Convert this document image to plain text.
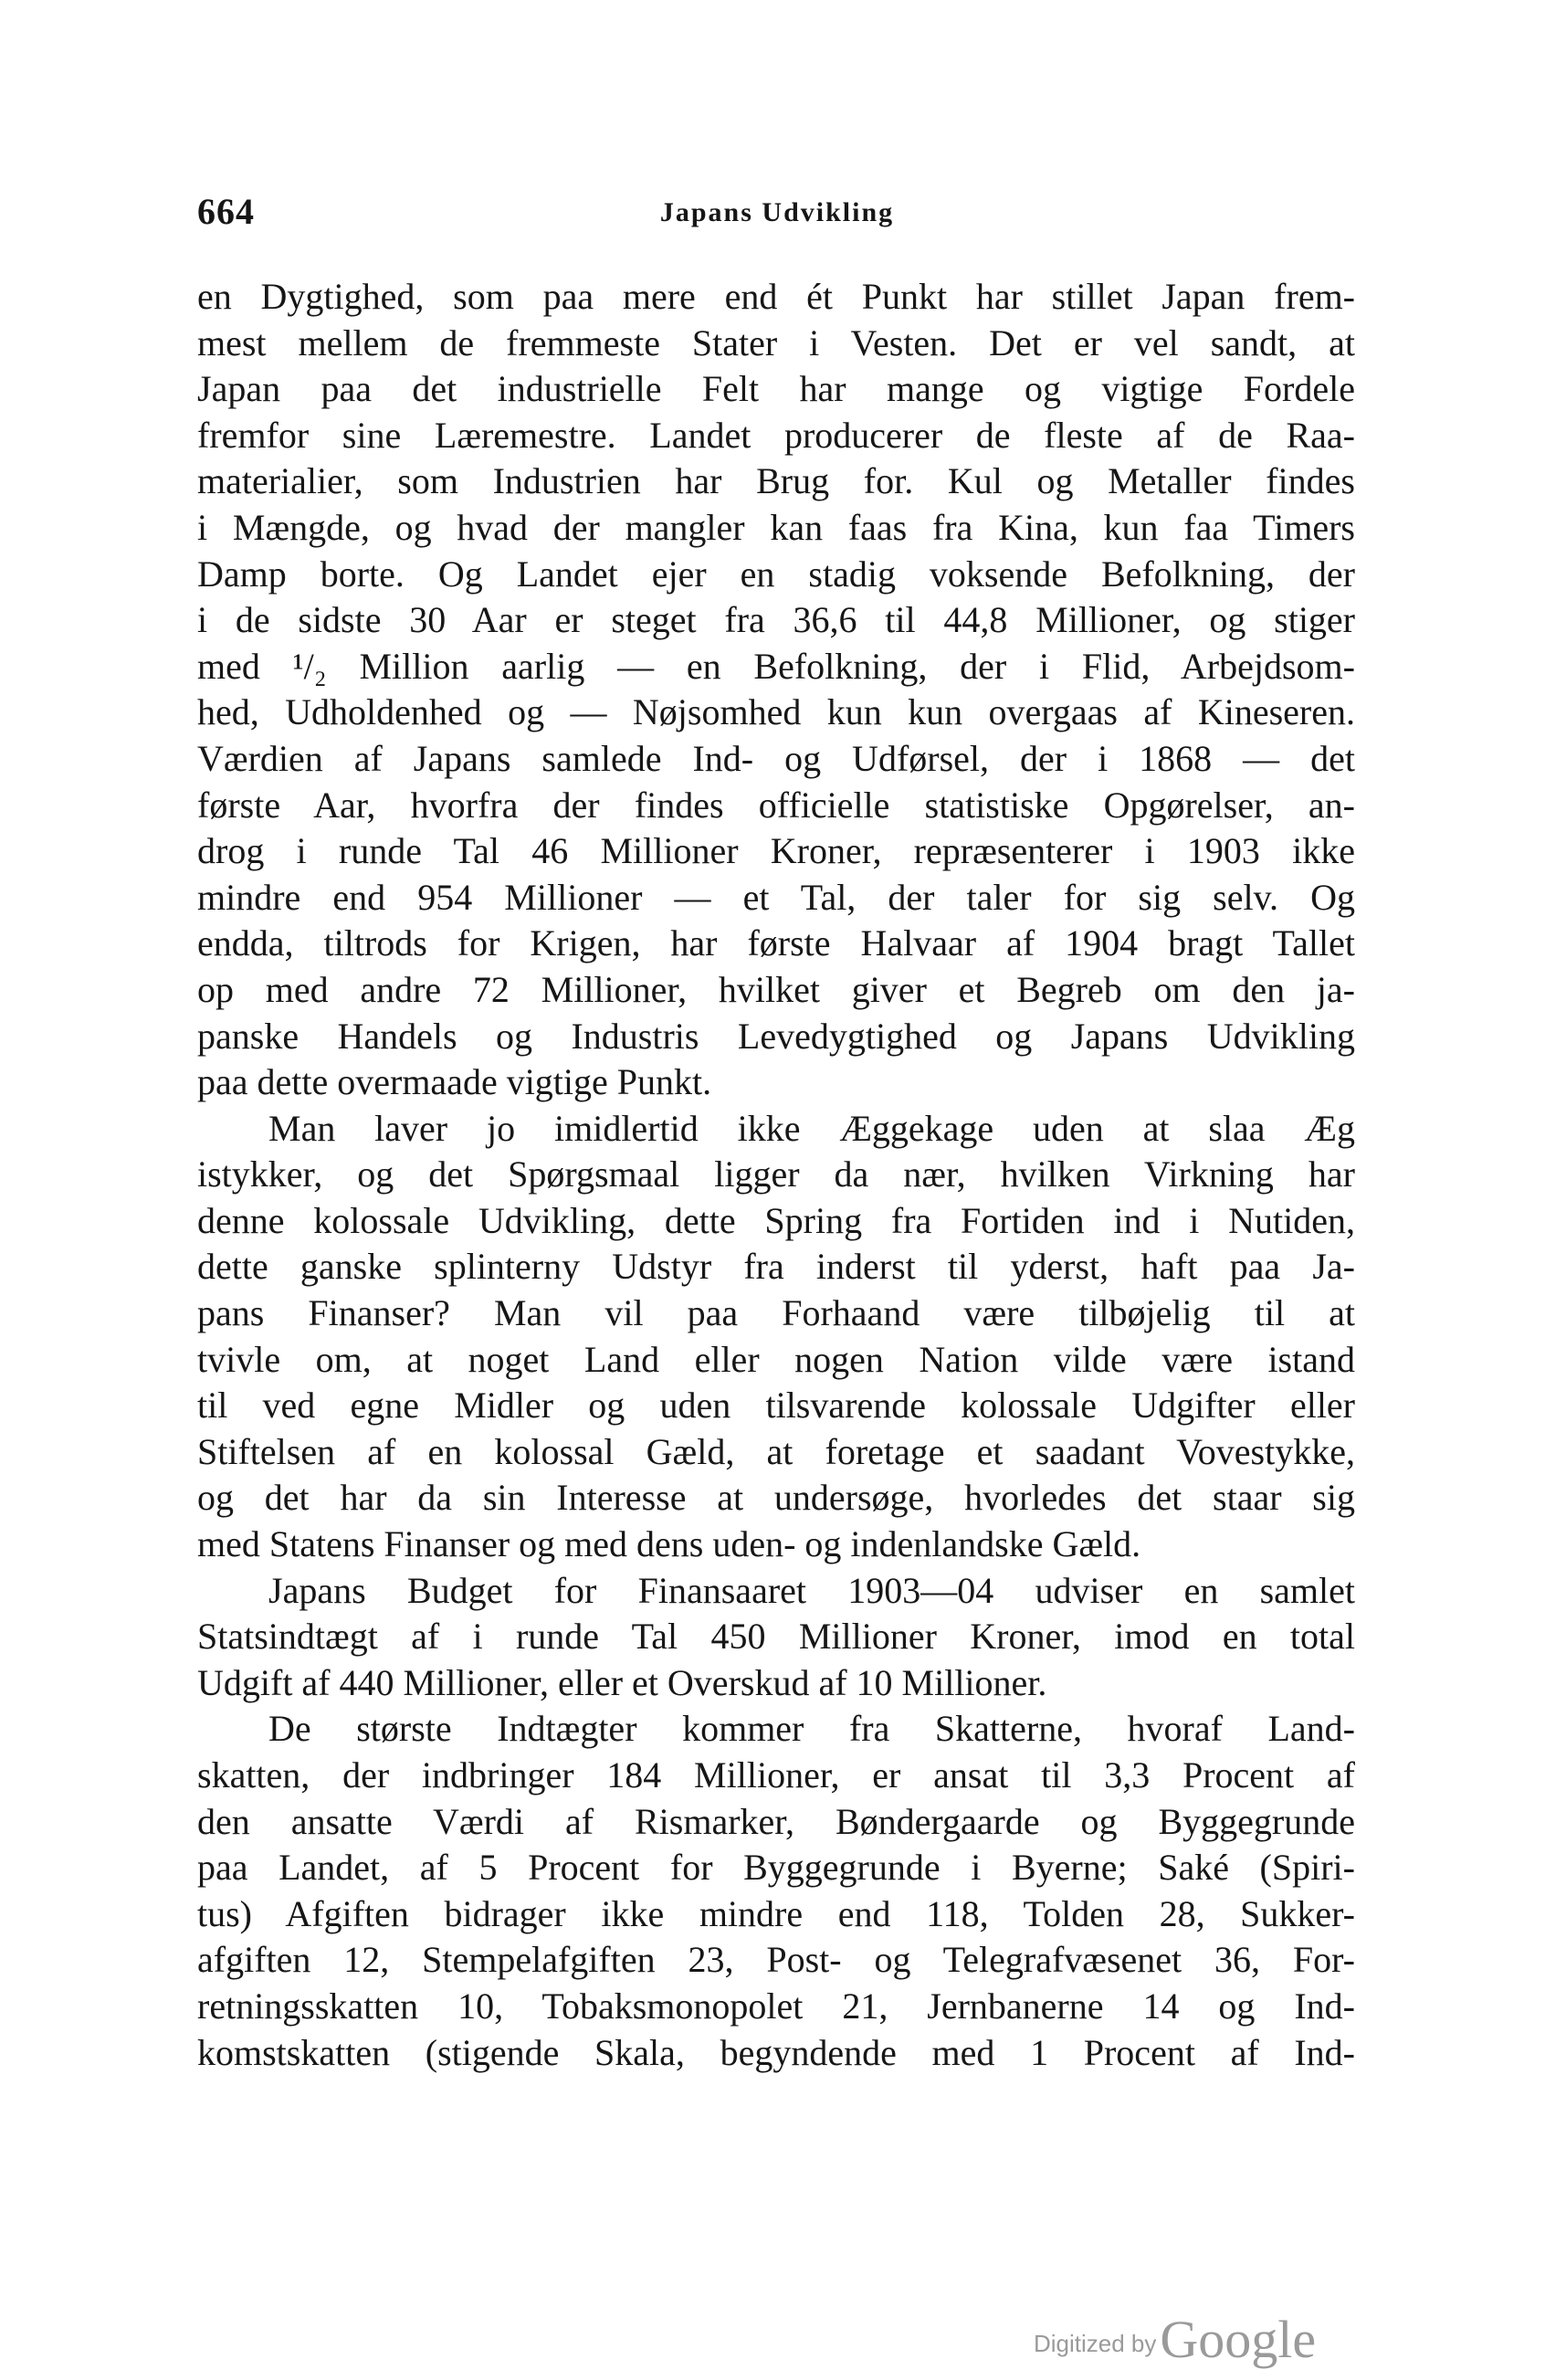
664	Japans Udvikling
en Dygtighed, som paa mere end ét Punkt har stillet Japan frem-
mest mellem de fremmeste Stater i Vesten. Det er vel sandt, at
Japan paa det industrielle Felt har mange og vigtige Fordele
fremfor sine Læremestre. Landet producerer de fleste af de Raa-
materialier, som Industrien har Brug for. Kul og Metaller findes
i Mængde, og hvad der mangler kan faas fra Kina, kun faa Timers
Damp borte. Og Landet ejer en stadig voksende Befolkning, der
i de sidste 30 Aar er steget fra 36,6 til 44,8 Millioner, og stiger
med ¹/₂ Million aarlig — en Befolkning, der i Flid, Arbejdsom-
hed, Udholdenhed og — Nøjsomhed kun kun overgaas af Kineseren.
Værdien af Japans samlede Ind- og Udførsel, der i 1868 — det
første Aar, hvorfra der findes officielle statistiske Opgørelser, an-
drog i runde Tal 46 Millioner Kroner, repræsenterer i 1903 ikke
mindre end 954 Millioner — et Tal, der taler for sig selv. Og
endda, tiltrods for Krigen, har første Halvaar af 1904 bragt Tallet
op med andre 72 Millioner, hvilket giver et Begreb om den ja-
panske Handels og Industris Levedygtighed og Japans Udvikling
paa dette overmaade vigtige Punkt.
Man laver jo imidlertid ikke Æggekage uden at slaa Æg
istykker, og det Spørgsmaal ligger da nær, hvilken Virkning har
denne kolossale Udvikling, dette Spring fra Fortiden ind i Nutiden,
dette ganske splinterny Udstyr fra inderst til yderst, haft paa Ja-
pans Finanser? Man vil paa Forhaand være tilbøjelig til at
tvivle om, at noget Land eller nogen Nation vilde være istand
til ved egne Midler og uden tilsvarende kolossale Udgifter eller
Stiftelsen af en kolossal Gæld, at foretage et saadant Vovestykke,
og det har da sin Interesse at undersøge, hvorledes det staar sig
med Statens Finanser og med dens uden- og indenlandske Gæld.
Japans Budget for Finansaaret 1903—04 udviser en samlet
Statsindtægt af i runde Tal 450 Millioner Kroner, imod en total
Udgift af 440 Millioner, eller et Overskud af 10 Millioner.
De største Indtægter kommer fra Skatterne, hvoraf Land-
skatten, der indbringer 184 Millioner, er ansat til 3,3 Procent af
den ansatte Værdi af Rismarker, Bøndergaarde og Byggegrunde
paa Landet, af 5 Procent for Byggegrunde i Byerne; Saké (Spiri-
tus) Afgiften bidrager ikke mindre end 118, Tolden 28, Sukker-
afgiften 12, Stempelafgiften 23, Post- og Telegrafvæsenet 36, For-
retningsskatten 10, Tobaksmonopolet 21, Jernbanerne 14 og Ind-
komstskatten (stigende Skala, begyndende med 1 Procent af Ind-
Digitized by Google
